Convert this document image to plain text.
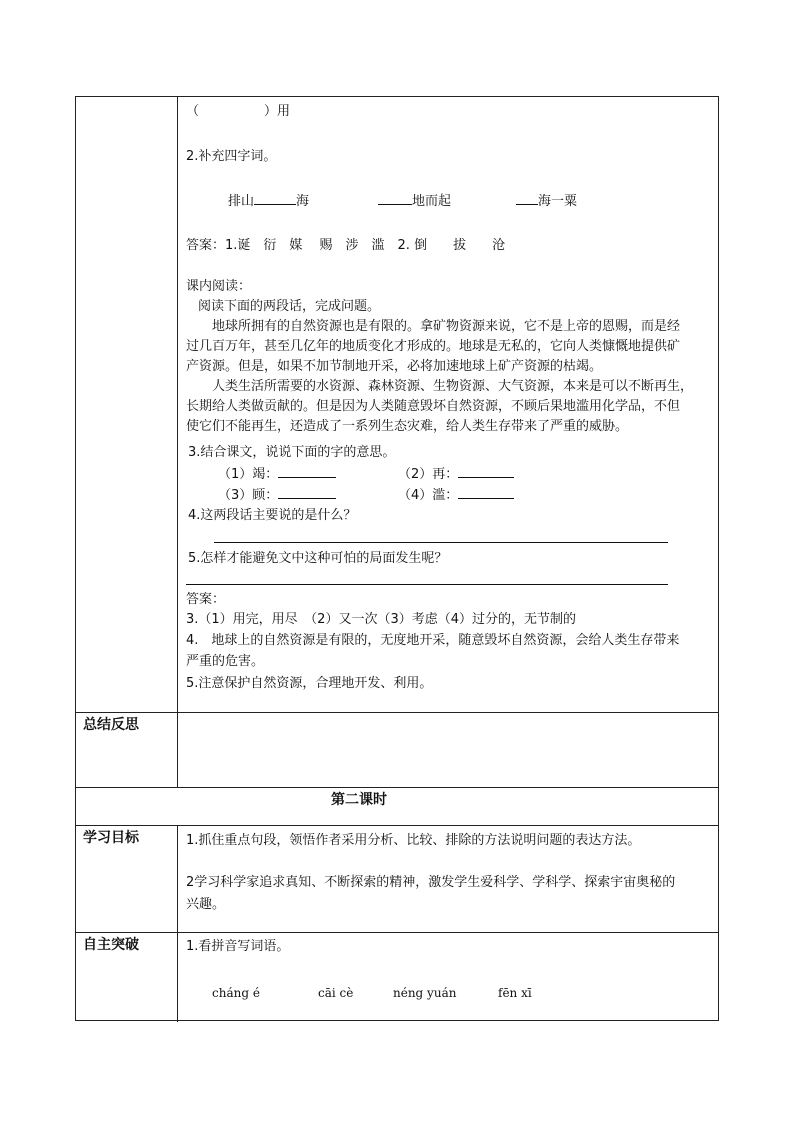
（　　　　　）用
2.补充四字词。
排山	海	地而起	海一粟
答案：1.诞　衍　媒　 赐　涉　滥　2. 倒　　拔　　沧
课内阅读：
阅读下面的两段话，完成问题。
地球所拥有的自然资源也是有限的。拿矿物资源来说，它不是上帝的恩赐，而是经
过几百万年，甚至几亿年的地质变化才形成的。地球是无私的，它向人类慷慨地提供矿
产资源。但是，如果不加节制地开采，必将加速地球上矿产资源的枯竭。
人类生活所需要的水资源、森林资源、生物资源、大气资源，本来是可以不断再生，
长期给人类做贡献的。但是因为人类随意毁坏自然资源，不顾后果地滥用化学品，不但
使它们不能再生，还造成了一系列生态灾难，给人类生存带来了严重的威胁。
3.结合课文，说说下面的字的意思。
（1）竭：	（2）再：
（3）顾：	（4）滥：
4.这两段话主要说的是什么？
5.怎样才能避免文中这种可怕的局面发生呢？
答案：
3.（1）用完，用尽　（2）又一次（3）考虑（4）过分的，无节制的
4.　地球上的自然资源是有限的，无度地开采，随意毁坏自然资源，会给人类生存带来
严重的危害。
5.注意保护自然资源，合理地开发、利用。
总结反思
第二课时
学习目标	1.抓住重点句段，领悟作者采用分析、比较、排除的方法说明问题的表达方法。
2学习科学家追求真知、不断探索的精神，激发学生爱科学、学科学、探索宇宙奥秘的
兴趣。
自主突破	1.看拼音写词语。
cháng é	cāi cè	néng yuán	fēn xī
